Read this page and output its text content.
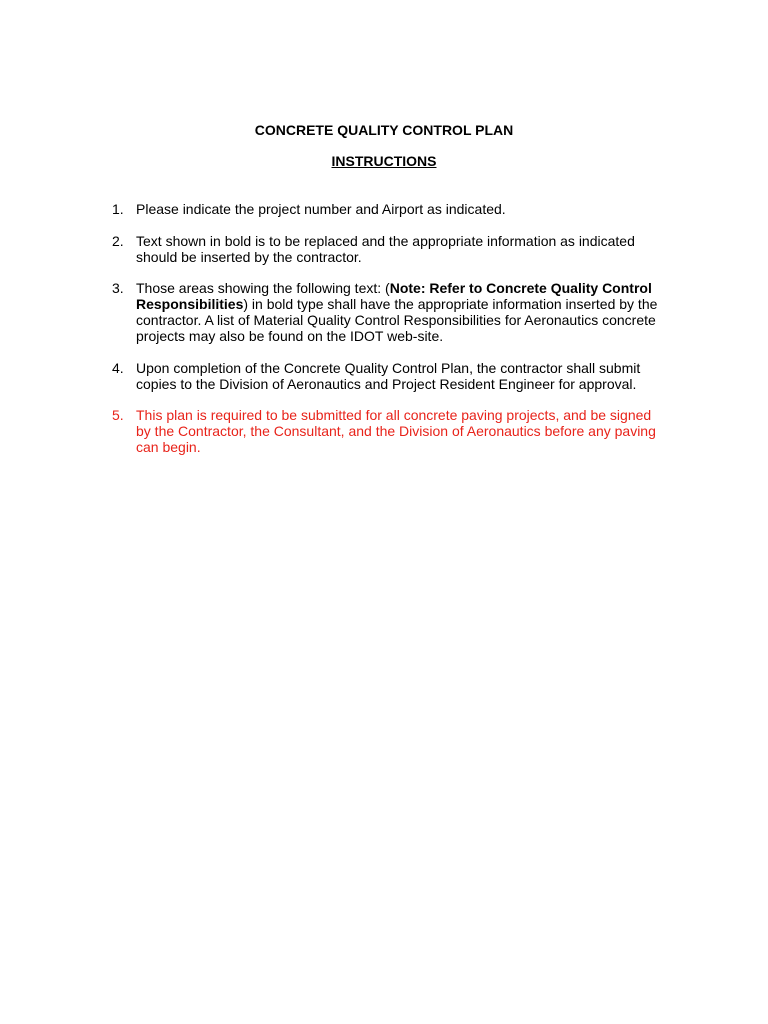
CONCRETE QUALITY CONTROL PLAN
INSTRUCTIONS
1. Please indicate the project number and Airport as indicated.
2. Text shown in bold is to be replaced and the appropriate information as indicated
should be inserted by the contractor.
3. Those areas showing the following text: (Note: Refer to Concrete Quality Control Responsibilities) in bold type shall have the appropriate information inserted by the contractor. A list of Material Quality Control Responsibilities for Aeronautics concrete projects may also be found on the IDOT web-site.
4. Upon completion of the Concrete Quality Control Plan, the contractor shall submit
copies to the Division of Aeronautics and Project Resident Engineer for approval.
5. This plan is required to be submitted for all concrete paving projects, and be signed
by the Contractor, the Consultant, and the Division of Aeronautics before any paving
can begin.
